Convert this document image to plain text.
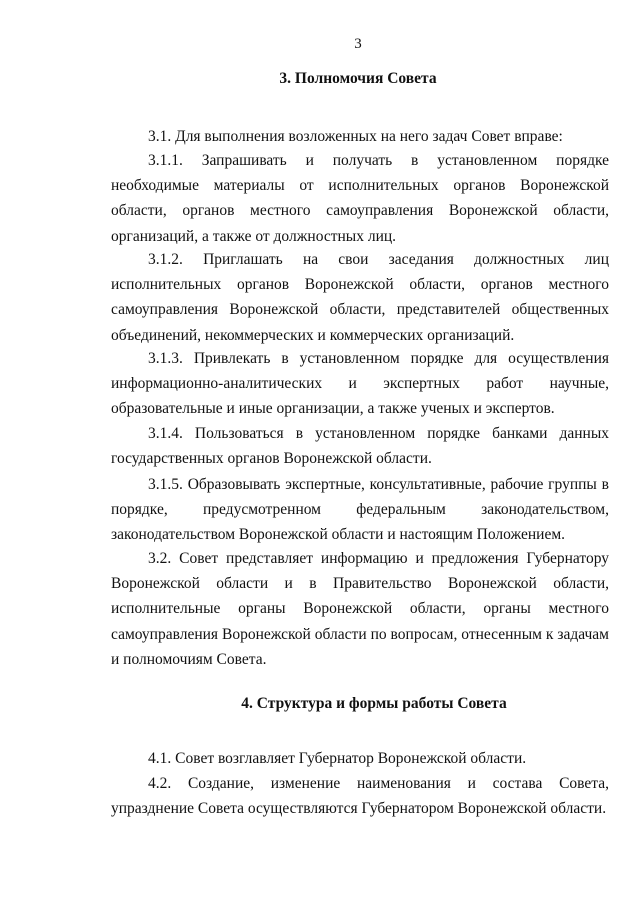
3
3. Полномочия Совета

3.1. Для выполнения возложенных на него задач Совет вправе:

3.1.1. Запрашивать и получать в установленном порядке необходимые материалы от исполнительных органов Воронежской области, органов местного самоуправления Воронежской области, организаций, а также от должностных лиц.

3.1.2. Приглашать на свои заседания должностных лиц исполнительных органов Воронежской области, органов местного самоуправления Воронежской области, представителей общественных объединений, некоммерческих и коммерческих организаций.

3.1.3. Привлекать в установленном порядке для осуществления информационно-аналитических и экспертных работ научные, образовательные и иные организации, а также ученых и экспертов.

3.1.4. Пользоваться в установленном порядке банками данных государственных органов Воронежской области.

3.1.5. Образовывать экспертные, консультативные, рабочие группы в порядке, предусмотренном федеральным законодательством, законодательством Воронежской области и настоящим Положением.

3.2. Совет представляет информацию и предложения Губернатору Воронежской области и в Правительство Воронежской области, исполнительные органы Воронежской области, органы местного самоуправления Воронежской области по вопросам, отнесенным к задачам и полномочиям Совета.

4. Структура и формы работы Совета

4.1. Совет возглавляет Губернатор Воронежской области.

4.2. Создание, изменение наименования и состава Совета, упразднение Совета осуществляются Губернатором Воронежской области.
